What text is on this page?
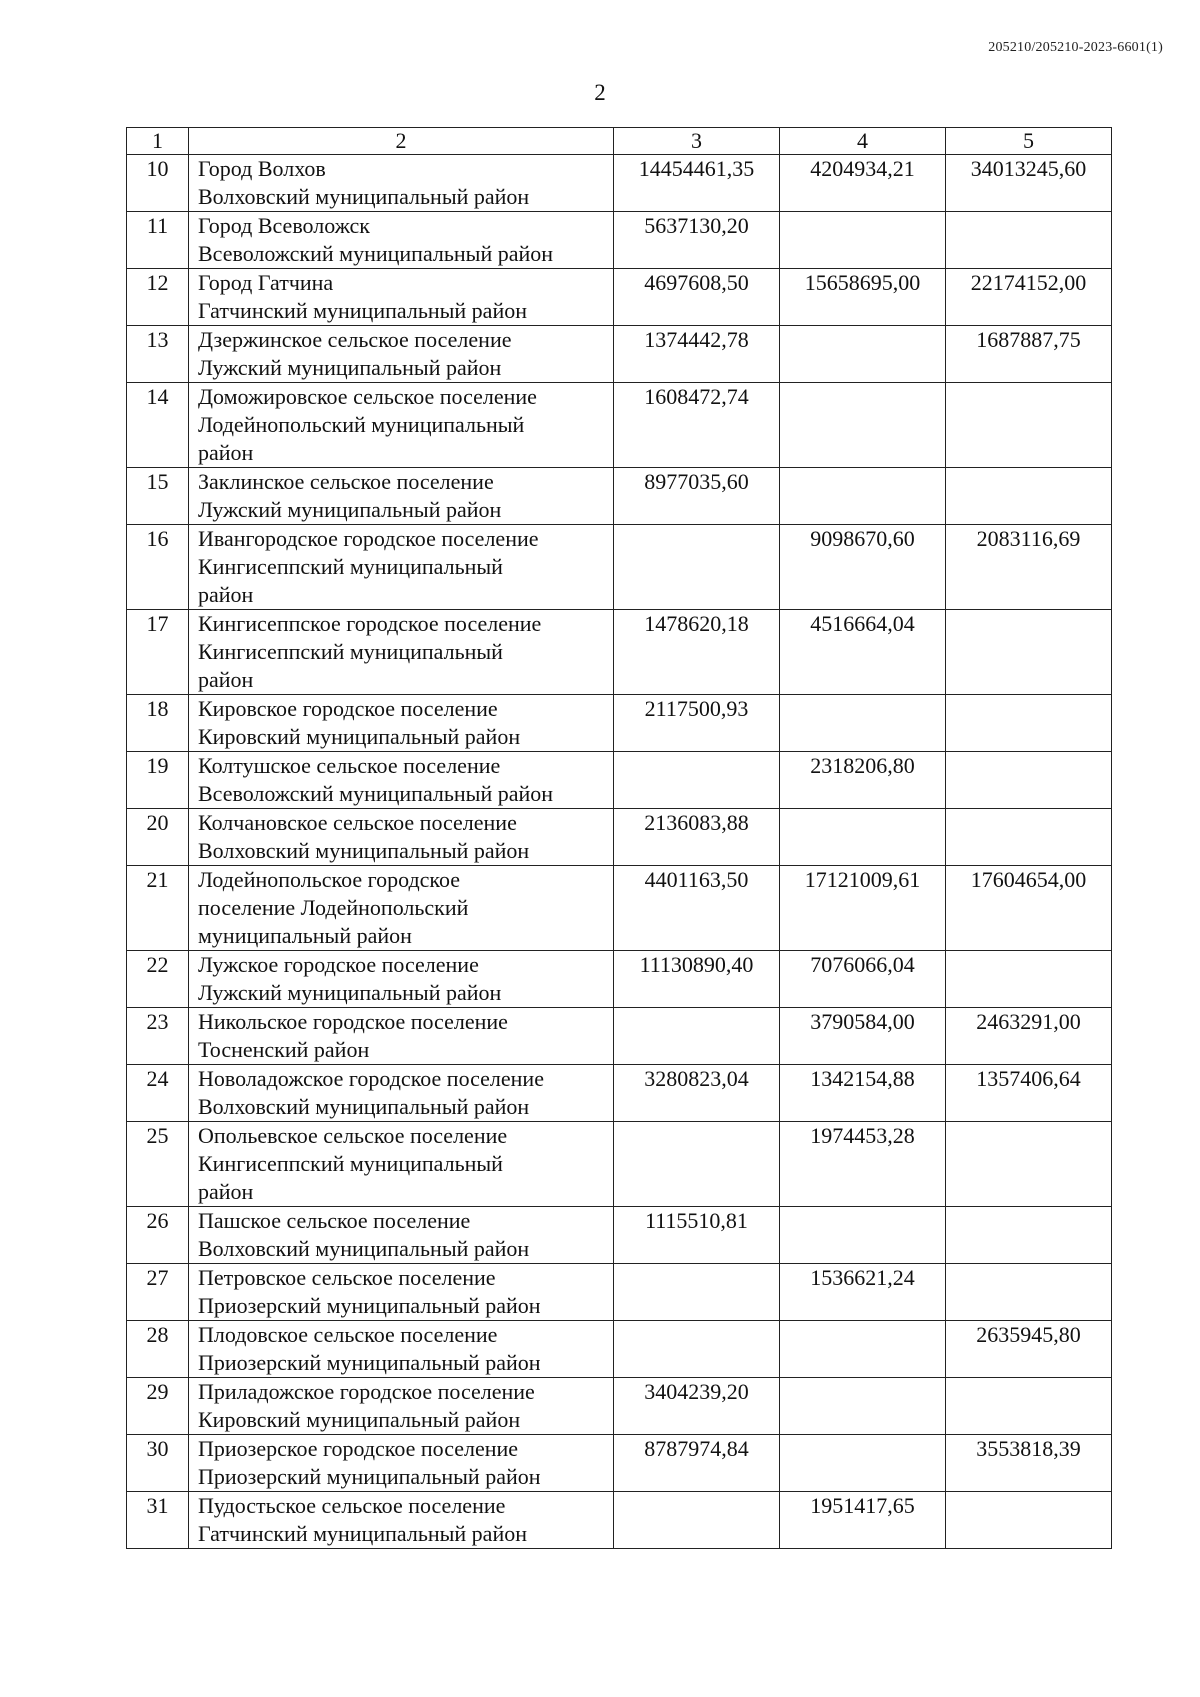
205210/205210-2023-6601(1)
2
1	2	3	4	5
10	Город Волхов
Волховский муниципальный район	14454461,35	4204934,21	34013245,60
11	Город Всеволожск
Всеволожский муниципальный район	5637130,20		
12	Город Гатчина
Гатчинский муниципальный район	4697608,50	15658695,00	22174152,00
13	Дзержинское сельское поселение
Лужский муниципальный район	1374442,78		1687887,75
14	Доможировское сельское поселение
Лодейнопольский муниципальный
район	1608472,74		
15	Заклинское сельское поселение
Лужский муниципальный район	8977035,60		
16	Ивангородское городское поселение
Кингисеппский муниципальный
район		9098670,60	2083116,69
17	Кингисеппское городское поселение
Кингисеппский муниципальный
район	1478620,18	4516664,04	
18	Кировское городское поселение
Кировский муниципальный район	2117500,93		
19	Колтушское сельское поселение
Всеволожский муниципальный район		2318206,80	
20	Колчановское сельское поселение
Волховский муниципальный район	2136083,88		
21	Лодейнопольское городское
поселение Лодейнопольский
муниципальный район	4401163,50	17121009,61	17604654,00
22	Лужское городское поселение
Лужский муниципальный район	11130890,40	7076066,04	
23	Никольское городское поселение
Тосненский район		3790584,00	2463291,00
24	Новоладожское городское поселение
Волховский муниципальный район	3280823,04	1342154,88	1357406,64
25	Опольевское сельское поселение
Кингисеппский муниципальный
район		1974453,28	
26	Пашское сельское поселение
Волховский муниципальный район	1115510,81		
27	Петровское сельское поселение
Приозерский муниципальный район		1536621,24	
28	Плодовское сельское поселение
Приозерский муниципальный район			2635945,80
29	Приладожское городское поселение
Кировский муниципальный район	3404239,20		
30	Приозерское городское поселение
Приозерский муниципальный район	8787974,84		3553818,39
31	Пудостьское сельское поселение
Гатчинский муниципальный район		1951417,65	
